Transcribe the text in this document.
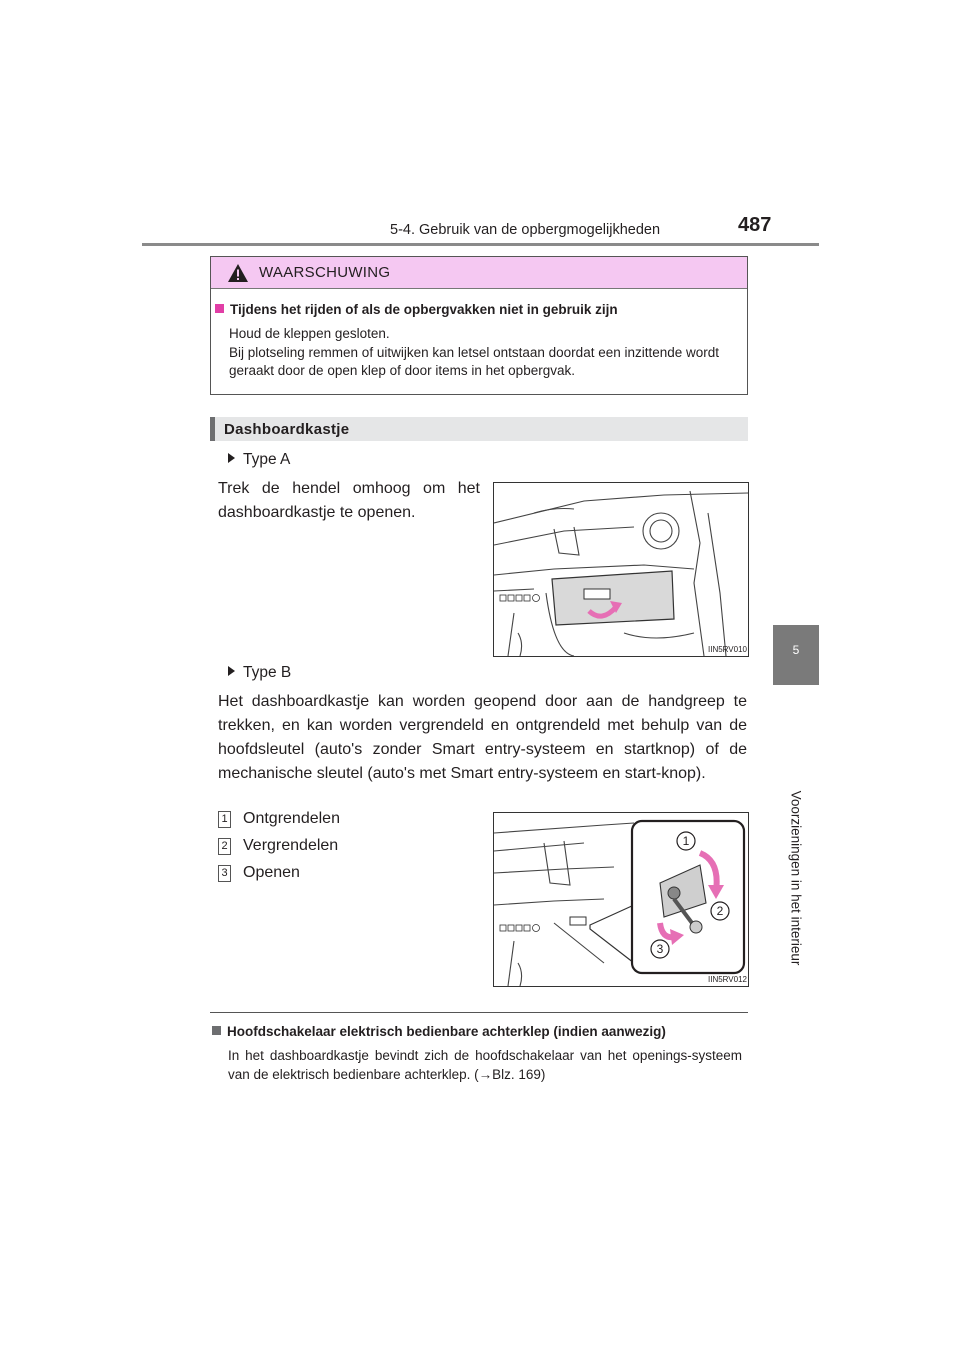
5-4. Gebruik van de opbergmogelijkheden	487
5
Voorzieningen in het interieur
WAARSCHUWING
Tijdens het rijden of als de opbergvakken niet in gebruik zijn
Houd de kleppen gesloten.
Bij plotseling remmen of uitwijken kan letsel ontstaan doordat een inzittende wordt geraakt door de open klep of door items in het opbergvak.
Dashboardkastje
Type A
Trek de hendel omhoog om het dashboardkastje te openen.
IIN5RV010
Type B
Het dashboardkastje kan worden geopend door aan de handgreep te trekken, en kan worden vergrendeld en ontgrendeld met behulp van de hoofdsleutel (auto's zonder Smart entry-systeem en startknop) of de mechanische sleutel (auto's met Smart entry-systeem en start-knop).
1 Ontgrendelen
2 Vergrendelen
3 Openen
1
2
3
IIN5RV012
Hoofdschakelaar elektrisch bedienbare achterklep (indien aanwezig)
In het dashboardkastje bevindt zich de hoofdschakelaar van het openings-systeem van de elektrisch bedienbare achterklep. (→Blz. 169)
